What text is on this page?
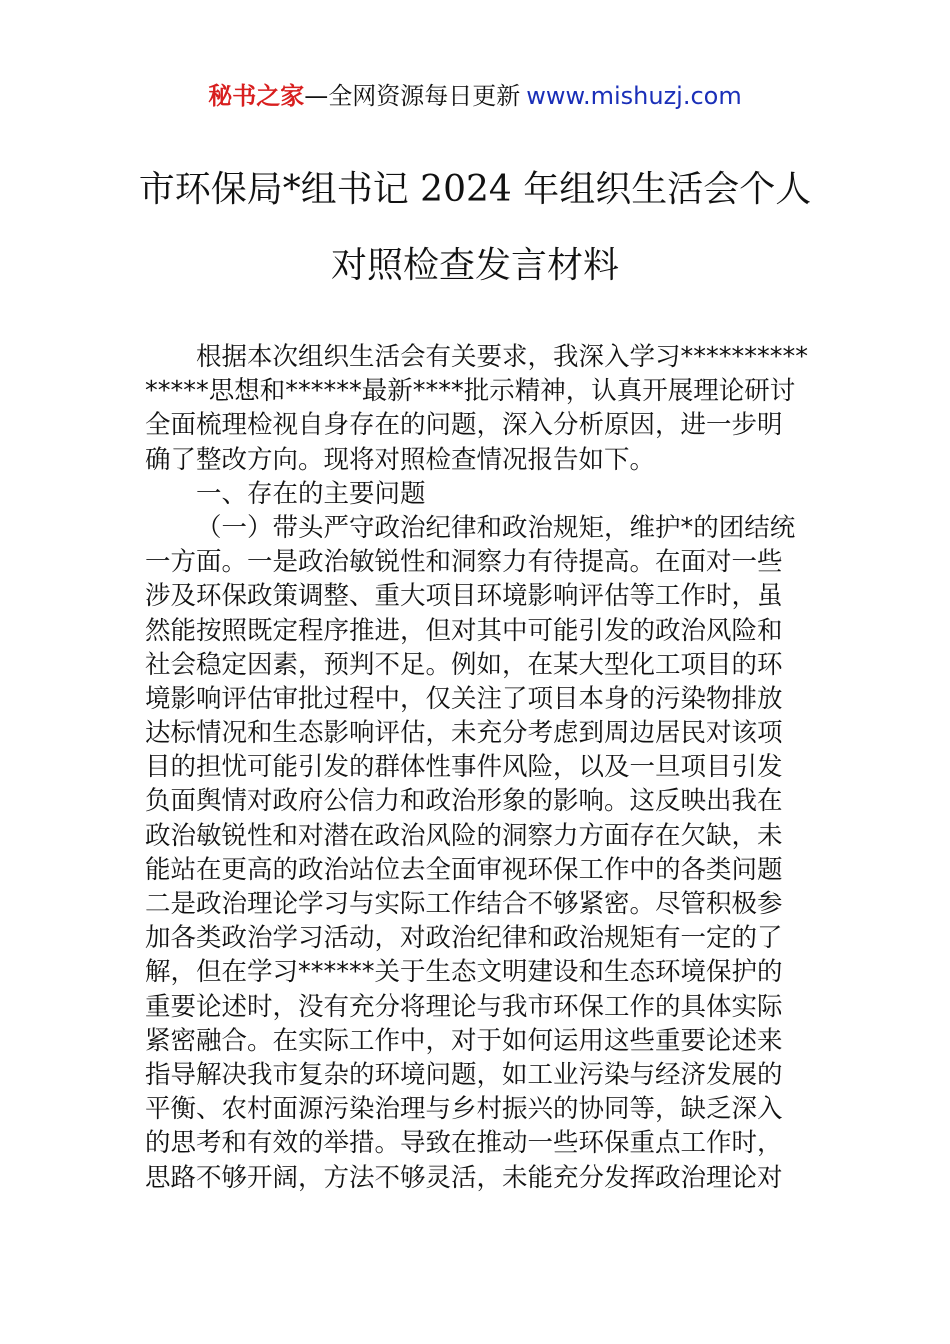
秘书之家—全网资源每日更新 www.mishuzj.com
市环保局*组书记 2024 年组织生活会个人
对照检查发言材料
根据本次组织生活会有关要求，我深入学习**********
*****思想和******最新****批示精神，认真开展理论研讨
全面梳理检视自身存在的问题，深入分析原因，进一步明
确了整改方向。现将对照检查情况报告如下。
一、存在的主要问题
（一）带头严守政治纪律和政治规矩，维护*的团结统
一方面。一是政治敏锐性和洞察力有待提高。在面对一些
涉及环保政策调整、重大项目环境影响评估等工作时，虽
然能按照既定程序推进，但对其中可能引发的政治风险和
社会稳定因素，预判不足。例如，在某大型化工项目的环
境影响评估审批过程中，仅关注了项目本身的污染物排放
达标情况和生态影响评估，未充分考虑到周边居民对该项
目的担忧可能引发的群体性事件风险，以及一旦项目引发
负面舆情对政府公信力和政治形象的影响。这反映出我在
政治敏锐性和对潜在政治风险的洞察力方面存在欠缺，未
能站在更高的政治站位去全面审视环保工作中的各类问题
二是政治理论学习与实际工作结合不够紧密。尽管积极参
加各类政治学习活动，对政治纪律和政治规矩有一定的了
解，但在学习******关于生态文明建设和生态环境保护的
重要论述时，没有充分将理论与我市环保工作的具体实际
紧密融合。在实际工作中，对于如何运用这些重要论述来
指导解决我市复杂的环境问题，如工业污染与经济发展的
平衡、农村面源污染治理与乡村振兴的协同等，缺乏深入
的思考和有效的举措。导致在推动一些环保重点工作时，
思路不够开阔，方法不够灵活，未能充分发挥政治理论对
